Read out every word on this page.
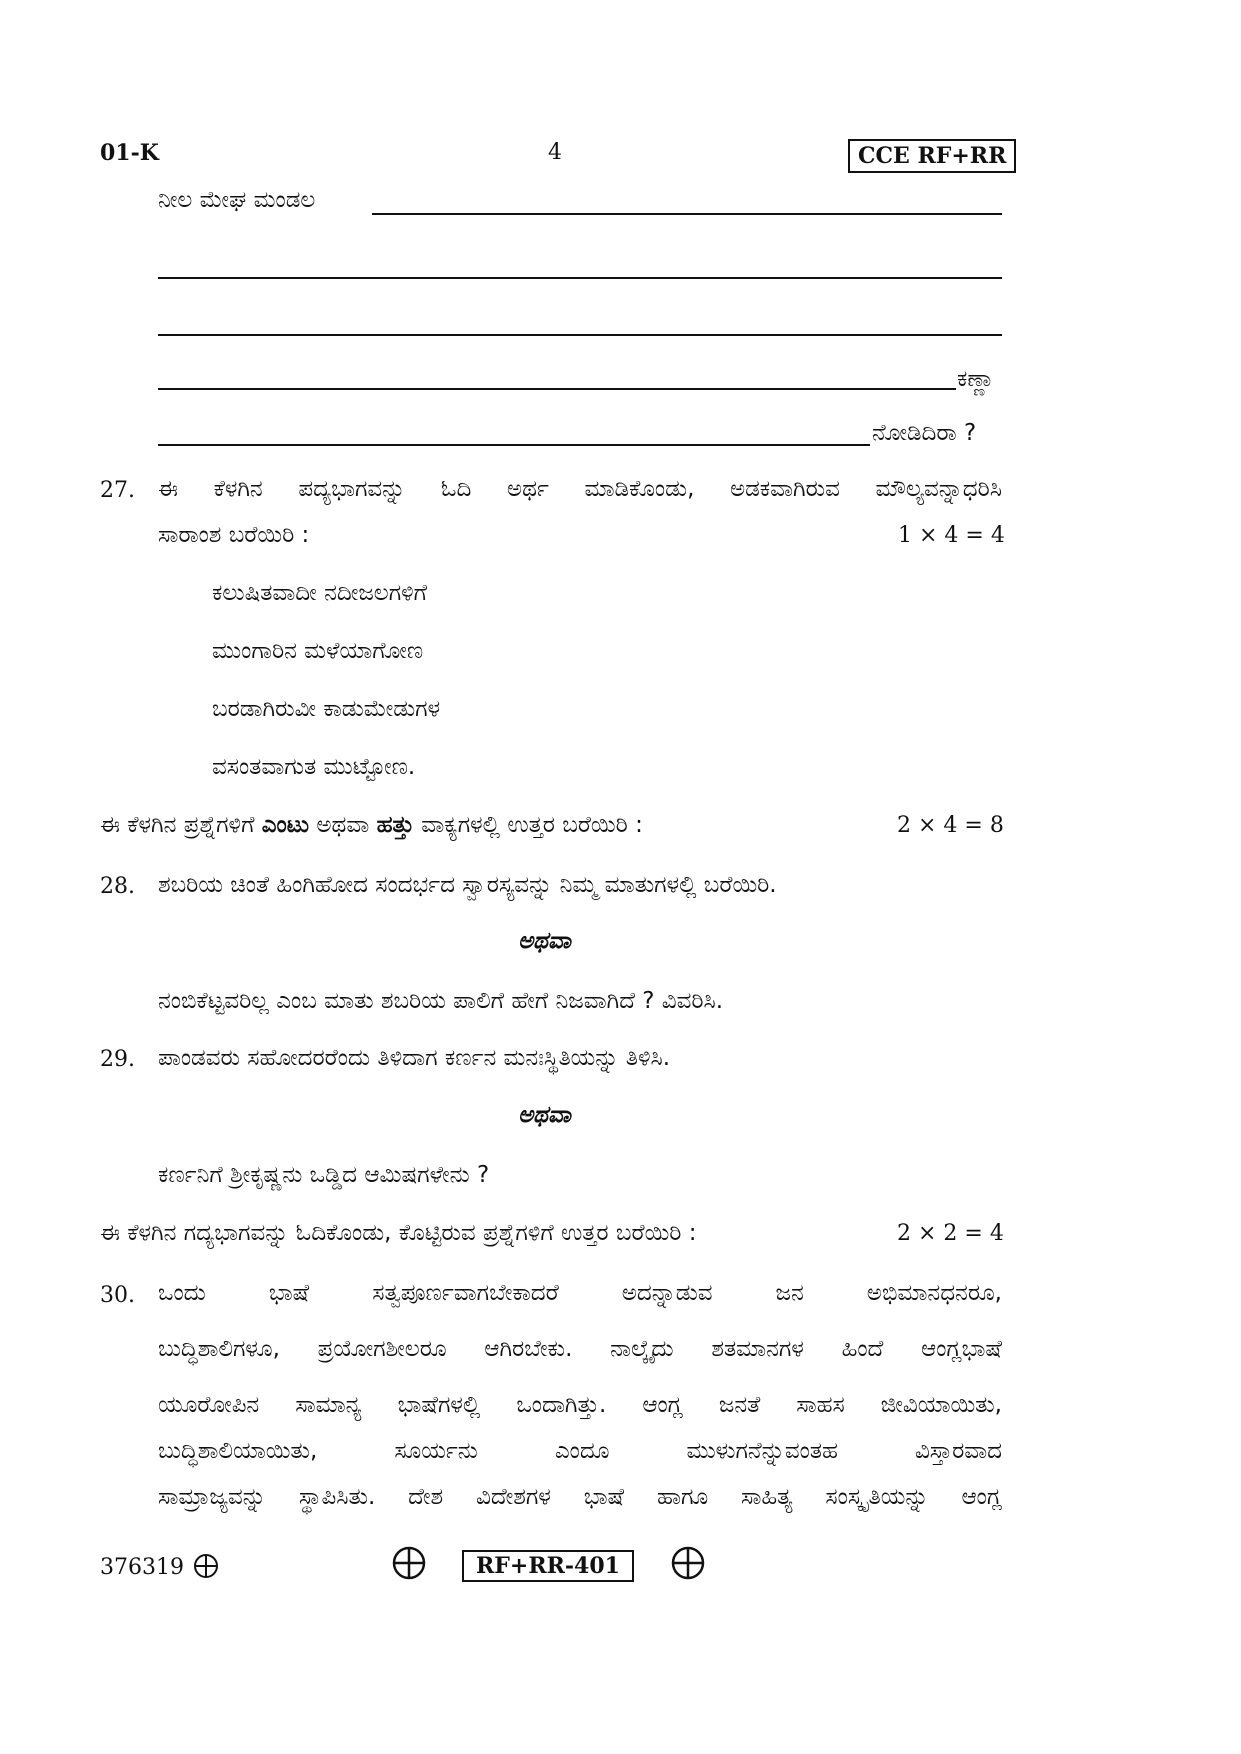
01-K	4	CCE RF+RR
ನೀಲ ಮೇಘ ಮಂಡಲ
ಕಣ್ಣಾ
ನೋಡಿದಿರಾ ?
27. ಈ ಕೆಳಗಿನ ಪದ್ಯಭಾಗವನ್ನು ಓದಿ ಅರ್ಥ ಮಾಡಿಕೊಂಡು, ಅಡಕವಾಗಿರುವ ಮೌಲ್ಯವನ್ನಾಧರಿಸಿ
ಸಾರಾಂಶ ಬರೆಯಿರಿ :	1 × 4 = 4
ಕಲುಷಿತವಾದೀ ನದೀಜಲಗಳಿಗೆ
ಮುಂಗಾರಿನ ಮಳೆಯಾಗೋಣ
ಬರಡಾಗಿರುವೀ ಕಾಡುಮೇಡುಗಳ
ವಸಂತವಾಗುತ ಮುಟ್ಟೋಣ.
ಈ ಕೆಳಗಿನ ಪ್ರಶ್ನೆಗಳಿಗೆ ಎಂಟು ಅಥವಾ ಹತ್ತು ವಾಕ್ಯಗಳಲ್ಲಿ ಉತ್ತರ ಬರೆಯಿರಿ :	2 × 4 = 8
28. ಶಬರಿಯ ಚಿಂತೆ ಹಿಂಗಿಹೋದ ಸಂದರ್ಭದ ಸ್ವಾರಸ್ಯವನ್ನು ನಿಮ್ಮ ಮಾತುಗಳಲ್ಲಿ ಬರೆಯಿರಿ.
ಅಥವಾ
ನಂಬಿಕೆಟ್ಟವರಿಲ್ಲ ಎಂಬ ಮಾತು ಶಬರಿಯ ಪಾಲಿಗೆ ಹೇಗೆ ನಿಜವಾಗಿದೆ ? ವಿವರಿಸಿ.
29. ಪಾಂಡವರು ಸಹೋದರರೆಂದು ತಿಳಿದಾಗ ಕರ್ಣನ ಮನಃಸ್ಥಿತಿಯನ್ನು ತಿಳಿಸಿ.
ಅಥವಾ
ಕರ್ಣನಿಗೆ ಶ್ರೀಕೃಷ್ಣನು ಒಡ್ಡಿದ ಆಮಿಷಗಳೇನು ?
ಈ ಕೆಳಗಿನ ಗದ್ಯಭಾಗವನ್ನು ಓದಿಕೊಂಡು, ಕೊಟ್ಟಿರುವ ಪ್ರಶ್ನೆಗಳಿಗೆ ಉತ್ತರ ಬರೆಯಿರಿ :	2 × 2 = 4
30. ಒಂದು ಭಾಷೆ ಸತ್ವಪೂರ್ಣವಾಗಬೇಕಾದರೆ ಅದನ್ನಾಡುವ ಜನ ಅಭಿಮಾನಧನರೂ,
ಬುದ್ಧಿಶಾಲಿಗಳೂ, ಪ್ರಯೋಗಶೀಲರೂ ಆಗಿರಬೇಕು. ನಾಲ್ಕೈದು ಶತಮಾನಗಳ ಹಿಂದೆ ಆಂಗ್ಲಭಾಷೆ
ಯೂರೋಪಿನ ಸಾಮಾನ್ಯ ಭಾಷೆಗಳಲ್ಲಿ ಒಂದಾಗಿತ್ತು. ಆಂಗ್ಲ ಜನತೆ ಸಾಹಸ ಜೀವಿಯಾಯಿತು,
ಬುದ್ಧಿಶಾಲಿಯಾಯಿತು, ಸೂರ್ಯನು ಎಂದೂ ಮುಳುಗನೆನ್ನುವಂತಹ ವಿಸ್ತಾರವಾದ
ಸಾಮ್ರಾಜ್ಯವನ್ನು ಸ್ಥಾಪಿಸಿತು. ದೇಶ ವಿದೇಶಗಳ ಭಾಷೆ ಹಾಗೂ ಸಾಹಿತ್ಯ ಸಂಸ್ಕೃತಿಯನ್ನು ಆಂಗ್ಲ
376319	RF+RR-401
